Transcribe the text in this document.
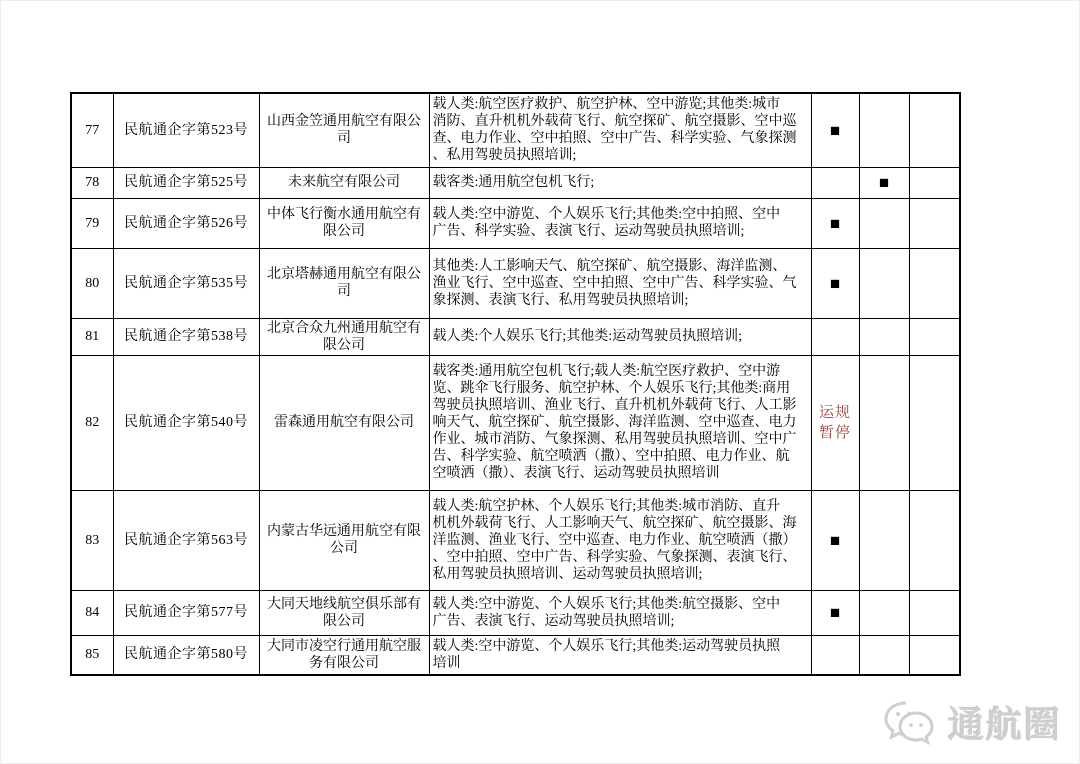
77	民航通企字第523号	山西金笠通用航空有限公
司	载人类:航空医疗救护、航空护林、空中游览;其他类:城市
消防、直升机机外载荷飞行、航空探矿、航空摄影、空中巡
查、电力作业、空中拍照、空中广告、科学实验、气象探测
、私用驾驶员执照培训;	■		
78	民航通企字第525号	未来航空有限公司	载客类:通用航空包机飞行;		■	
79	民航通企字第526号	中体飞行衡水通用航空有
限公司	载人类:空中游览、个人娱乐飞行;其他类:空中拍照、空中
广告、科学实验、表演飞行、运动驾驶员执照培训;	■		
80	民航通企字第535号	北京塔赫通用航空有限公
司	其他类:人工影响天气、航空探矿、航空摄影、海洋监测、
渔业飞行、空中巡查、空中拍照、空中广告、科学实验、气
象探测、表演飞行、私用驾驶员执照培训;	■		
81	民航通企字第538号	北京合众九州通用航空有
限公司	载人类:个人娱乐飞行;其他类:运动驾驶员执照培训;			
82	民航通企字第540号	雷森通用航空有限公司	载客类:通用航空包机飞行;载人类:航空医疗救护、空中游
览、跳伞飞行服务、航空护林、个人娱乐飞行;其他类:商用
驾驶员执照培训、渔业飞行、直升机机外载荷飞行、人工影
响天气、航空探矿、航空摄影、海洋监测、空中巡查、电力
作业、城市消防、气象探测、私用驾驶员执照培训、空中广
告、科学实验、航空喷洒（撒）、空中拍照、电力作业、航
空喷洒（撒）、表演飞行、运动驾驶员执照培训	运规
暂停		
83	民航通企字第563号	内蒙古华远通用航空有限
公司	载人类:航空护林、个人娱乐飞行;其他类:城市消防、直升
机机外载荷飞行、人工影响天气、航空探矿、航空摄影、海
洋监测、渔业飞行、空中巡查、电力作业、航空喷洒（撒）
、空中拍照、空中广告、科学实验、气象探测、表演飞行、
私用驾驶员执照培训、运动驾驶员执照培训;	■		
84	民航通企字第577号	大同天地线航空俱乐部有
限公司	载人类:空中游览、个人娱乐飞行;其他类:航空摄影、空中
广告、表演飞行、运动驾驶员执照培训;	■		
85	民航通企字第580号	大同市凌空行通用航空服
务有限公司	载人类:空中游览、个人娱乐飞行;其他类:运动驾驶员执照
培训			
通航圈
